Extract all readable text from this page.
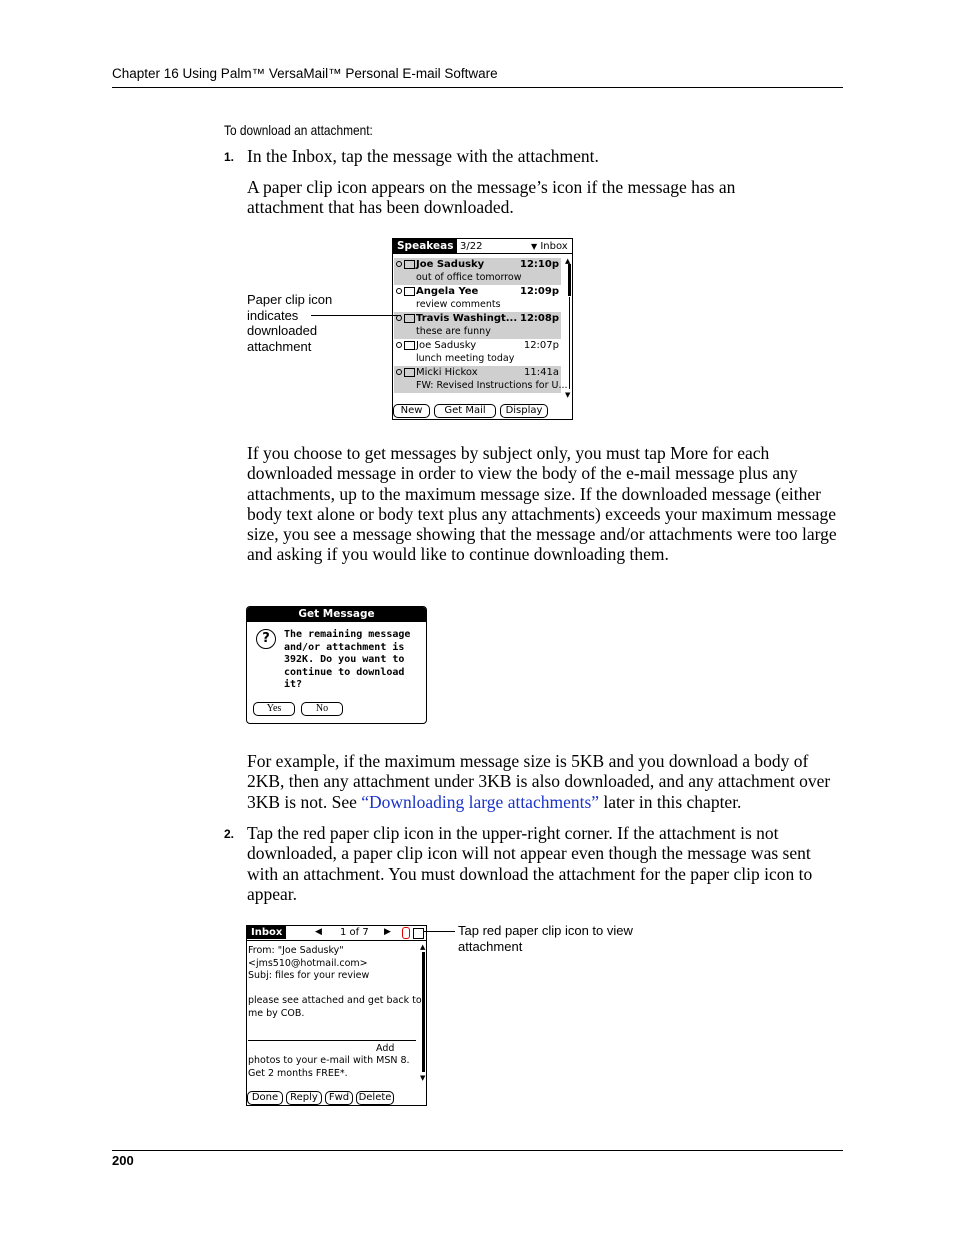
Chapter 16 Using Palm™ VersaMail™ Personal E-mail Software
To download an attachment:
1. In the Inbox, tap the message with the attachment.
A paper clip icon appears on the message’s icon if the message has an attachment that has been downloaded.
Speakeas 3/22	▼ Inbox
Joe Sadusky	12:10p
out of office tomorrow
Angela Yee	12:09p
review comments
Travis Washingt... 12:08p
these are funny
Joe Sadusky	12:07p
lunch meeting today
Micki Hickox	11:41a
FW: Revised Instructions for U...
▲
▼
New	Get Mail	Display
Paper clip icon indicates downloaded attachment
If you choose to get messages by subject only, you must tap More for each downloaded message in order to view the body of the e-mail message plus any attachments, up to the maximum message size. If the downloaded message (either body text alone or body text plus any attachments) exceeds your maximum message size, you see a message showing that the message and/or attachments were too large and asking if you would like to continue downloading them.
Get Message
?	The remaining message and/or attachment is 392K. Do you want to continue to download it?
Yes	No
For example, if the maximum message size is 5KB and you download a body of 2KB, then any attachment under 3KB is also downloaded, and any attachment over 3KB is not. See “Downloading large attachments” later in this chapter.
2. Tap the red paper clip icon in the upper-right corner. If the attachment is not downloaded, a paper clip icon will not appear even though the message was sent with an attachment. You must download the attachment for the paper clip icon to appear.
Inbox	◀ 1 of 7 ▶
From: "Joe Sadusky"
<jms510@hotmail.com>
Subj: files for your review
please see attached and get back to
me by COB.
Add
photos to your e-mail with MSN 8.
Get 2 months FREE*.
▲
▼
Done	Reply	Fwd Delete
Tap red paper clip icon to view attachment
200
